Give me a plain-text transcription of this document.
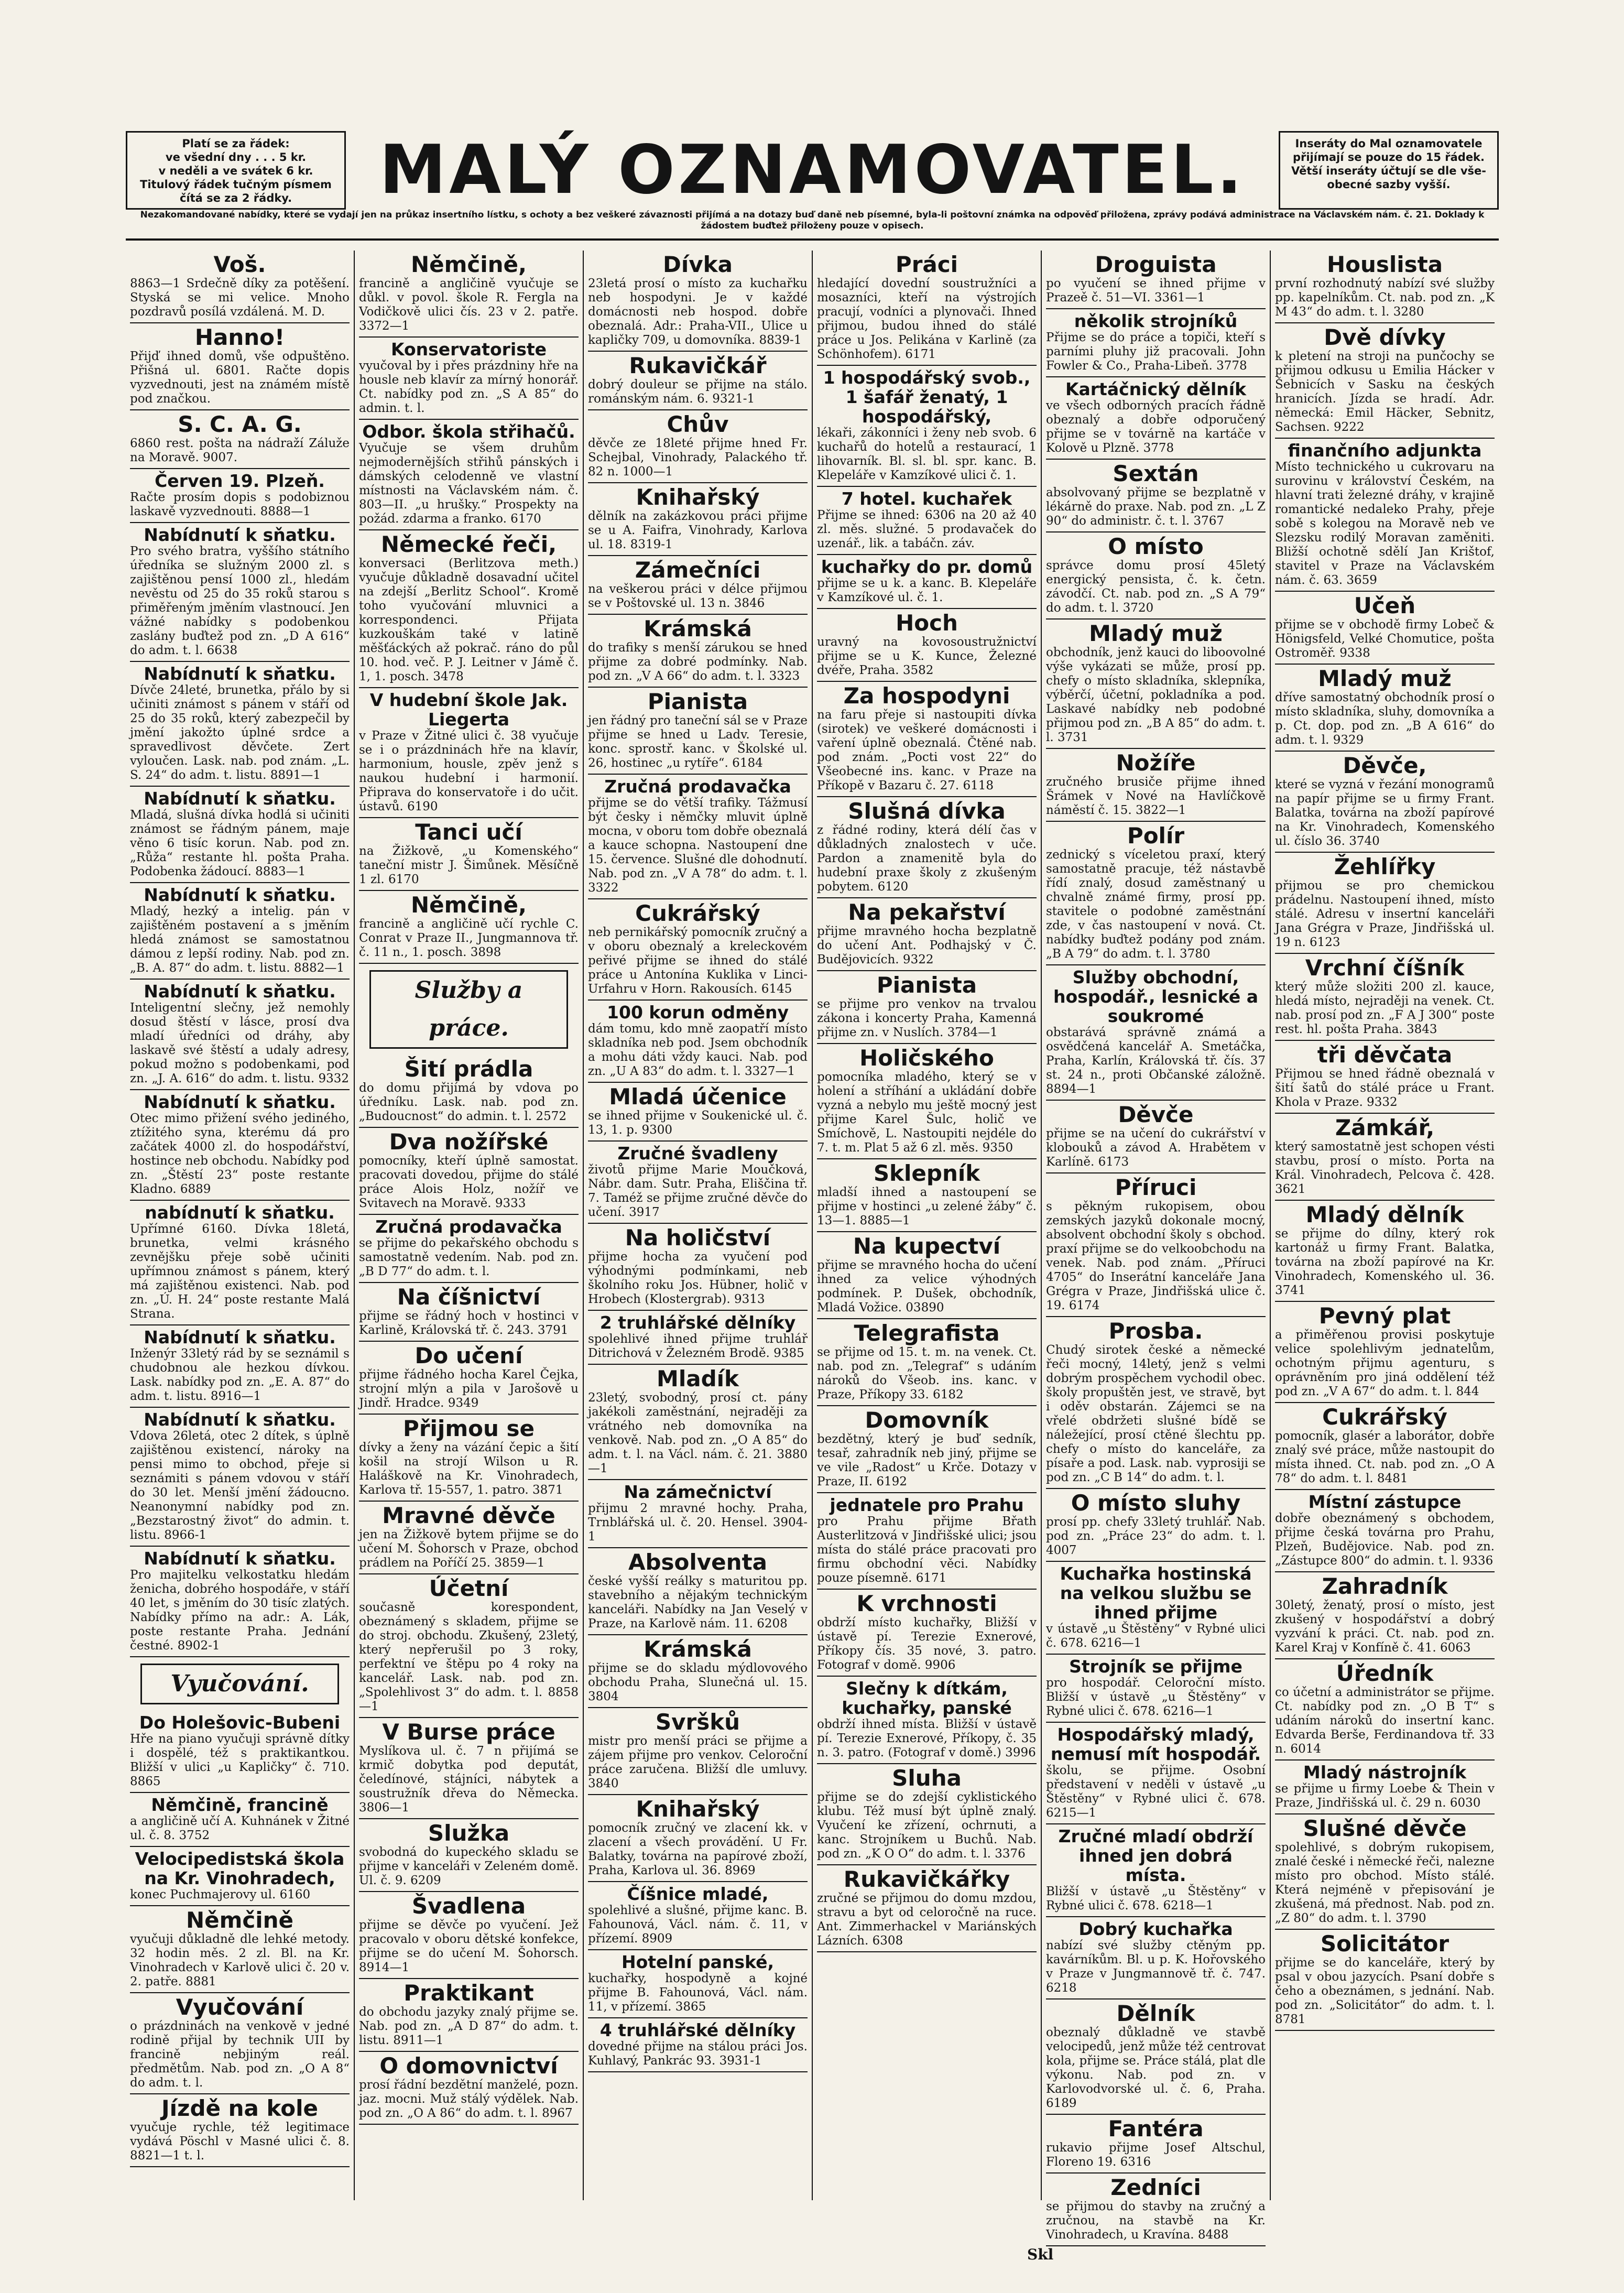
Platí se za řádek:
ve všední dny . . . 5 kr.
v neděli a ve svátek 6 kr.
Titulový řádek tučným písmem
čítá se za 2 řádky.	MALÝ OZNAMOVATEL.	Inseráty do Mal oznamovatele
přijímají se pouze do 15 řádek.
Větší inseráty účtují se dle vše-
obecné sazby vyšší.
Nezakomandované nabídky, které se vydají jen na průkaz insertního lístku, s ochoty a bez veškeré závaznosti přijímá a na dotazy buď daně neb písemné, byla-li poštovní známka na odpověď přiložena, zprávy podává administrace na Václavském nám. č. 21. Doklady k žádostem buďtež přiloženy pouze v opisech.
Voš.
8863—1 Srdečně díky za potěšení. Styská se mi velice. Mnoho pozdravů posílá vzdálená. M. D.
Hanno!
Přijď ihned domů, vše odpuštěno. Přišná ul. 6801. Račte dopis vyzvednouti, jest na známém místě pod značkou.
S. C. A. G.
6860 rest. pošta na nádraží Záluže na Moravě. 9007.
Červen 19. Plzeň.
Račte prosím dopis s podobiznou laskavě vyzvednouti. 8888—1
Nabídnutí k sňatku.
Pro svého bratra, vyššího státního úředníka se služným 2000 zl. s zajištěnou pensí 1000 zl., hledám nevěstu od 25 do 35 roků starou s přiměřeným jměním vlastnoucí. Jen vážné nabídky s podobenkou zaslány buďtež pod zn. „D A 616“ do adm. t. l. 6638
Nabídnutí k sňatku.
Dívče 24leté, brunetka, přálo by si učiniti známost s pánem v stáří od 25 do 35 roků, který zabezpečil by jmění jakožto úplné srdce a spravedlivost děvčete. Zert vyloučen. Lask. nab. pod znám. „L. S. 24“ do adm. t. listu. 8891—1
Nabídnutí k sňatku.
Mladá, slušná dívka hodlá si učiniti známost se řádným pánem, maje věno 6 tisíc korun. Nab. pod zn. „Růža“ restante hl. pošta Praha. Podobenka žádoucí. 8883—1
Nabídnutí k sňatku.
Mladý, hezký a intelig. pán v zajištěném postavení a s jměním hledá známost se samostatnou dámou z lepší rodiny. Nab. pod zn. „B. A. 87“ do adm. t. listu. 8882—1
Nabídnutí k sňatku.
Inteligentní slečny, jež nemohly dosud štěstí v lásce, prosí dva mladí úředníci od dráhy, aby laskavě své štěstí a udaly adresy, pokud možno s podobenkami, pod zn. „J. A. 616“ do adm. t. listu. 9332
Nabídnutí k sňatku.
Otec mimo přižení svého jediného, ztížitého syna, kterému dá pro začátek 4000 zl. do hospodářství, hostince neb obchodu. Nabídky pod zn. „Štěstí 23“ poste restante Kladno. 6889
nabídnutí k sňatku.
Upřímné 6160. Dívka 18letá, brunetka, velmi krásného zevnějšku přeje sobě učiniti upřímnou známost s pánem, který má zajištěnou existenci. Nab. pod zn. „Ú. H. 24“ poste restante Malá Strana.
Nabídnutí k sňatku.
Inženýr 33letý rád by se seznámil s chudobnou ale hezkou dívkou. Lask. nabídky pod zn. „E. A. 87“ do adm. t. listu. 8916—1
Nabídnutí k sňatku.
Vdova 26letá, otec 2 dítek, s úplně zajištěnou existencí, nároky na pensi mimo to obchod, přeje si seznámiti s pánem vdovou v stáří do 30 let. Menší jmění žádoucno. Neanonymní nabídky pod zn. „Bezstarostný život“ do admin. t. listu. 8966-1
Nabídnutí k sňatku.
Pro majitelku velkostatku hledám ženicha, dobrého hospodáře, v stáří 40 let, s jměním do 30 tisíc zlatých. Nabídky přímo na adr.: A. Lák, poste restante Praha. Jednání čestné. 8902-1
Vyučování.
Do Holešovic-Bubeni
Hře na piano vyučuji správně dítky i dospělé, též s praktikantkou. Bližší v ulici „u Kapličky“ č. 710. 8865
Němčině, francině
a angličině učí A. Kuhnánek v Žitné ul. č. 8. 3752
Velocipedistská škola na Kr. Vinohradech,
konec Puchmajerovy ul. 6160
Němčině
vyučuji důkladně dle lehké metody. 32 hodin měs. 2 zl. Bl. na Kr. Vinohradech v Karlově ulici č. 20 v. 2. patře. 8881
Vyučování
o prázdninách na venkově v jedné rodině přijal by technik UII by francině nebjiným reál. předmětům. Nab. pod zn. „O A 8“ do adm. t. l.
Jízdě na kole
vyučuje rychle, též legitimace vydává Pöschl v Masné ulici č. 8. 8821—1 t. l.
Němčině,
francině a angličině vyučuje se důkl. v povol. škole R. Fergla na Vodičkově ulici čís. 23 v 2. patře. 3372—1
Konservatoriste
vyučoval by i přes prázdniny hře na housle neb klavír za mírný honorář. Ct. nabídky pod zn. „S A 85“ do admin. t. l.
Odbor. škola střihačů.
Vyučuje se všem druhům nejmodernějších střihů pánských i dámských celodenně ve vlastní místnosti na Václavském nám. č. 803—II. „u hrušky.“ Prospekty na požád. zdarma a franko. 6170
Německé řeči,
konversaci (Berlitzova meth.) vyučuje důkladně dosavadní učitel na zdejší „Berlitz School“. Kromě toho vyučování mluvnici a korrespondenci. Přijata kuzkouškám také v latině měšťáckých až pokrač. ráno do půl 10. hod. več. P. J. Leitner v Jámě č. 1, 1. posch. 3478
V hudební škole Jak. Liegerta
v Praze v Žitné ulici č. 38 vyučuje se i o prázdninách hře na klavír, harmonium, housle, zpěv jenž s naukou hudební i harmonií. Připrava do konservatoře i do učit. ústavů. 6190
Tanci učí
na Žižkově, „u Komenského“ taneční mistr J. Šimůnek. Měsíčně 1 zl. 6170
Němčině,
francině a angličině učí rychle C. Conrat v Praze II., Jungmannova tř. č. 11 n., 1. posch. 3898
Služby a práce.
Šití prádla
do domu přijímá by vdova po úředníku. Lask. nab. pod zn. „Budoucnost“ do admin. t. l. 2572
Dva nožířské
pomocníky, kteří úplně samostat. pracovati dovedou, přijme do stálé práce Alois Holz, nožíř ve Svitavech na Moravě. 9333
Zručná prodavačka
se přijme do pekařského obchodu s samostatně vedením. Nab. pod zn. „B D 77“ do adm. t. l.
Na číšnictví
přijme se řádný hoch v hostinci v Karlině, Královská tř. č. 243. 3791
Do učení
přijme řádného hocha Karel Čejka, strojní mlýn a pila v Jarošově u Jindř. Hradce. 9349
Přijmou se
dívky a ženy na vázání čepic a šití košil na strojí Wilson u R. Haláškově na Kr. Vinohradech, Karlova tř. 15-557, 1. patro. 3871
Mravné děvče
jen na Žižkově bytem přijme se do učení M. Šohorsch v Praze, obchod prádlem na Poříčí 25. 3859—1
Účetní
současně korespondent, obeznámený s skladem, přijme se do stroj. obchodu. Zkušený, 23letý, který nepřerušil po 3 roky, perfektní ve štěpu po 4 roky na kancelář. Lask. nab. pod zn. „Spolehlivost 3“ do adm. t. l. 8858—1
V Burse práce
Myslíkova ul. č. 7 n přijímá se krmič dobytka pod deputát, čeledínové, stájníci, nábytek a soustružník dřeva do Německa. 3806—1
Služka
svobodná do kupeckého skladu se přijme v kanceláři v Zeleném domě. Ul. č. 9. 6209
Švadlena
přijme se děvče po vyučení. Jež pracovalo v oboru dětské konfekce, přijme se do učení M. Šohorsch. 8914—1
Praktikant
do obchodu jazyky znalý přijme se. Nab. pod zn. „A D 87“ do adm. t. listu. 8911—1
O domovnictví
prosí řádní bezdětní manželé, pozn. jaz. mocni. Muž stálý výdělek. Nab. pod zn. „O A 86“ do adm. t. l. 8967
Dívka
23letá prosí o místo za kuchařku neb hospodyni. Je v každé domácnosti neb hospod. dobře obeznalá. Adr.: Praha-VII., Ulice u kapličky 709, u domovníka. 8839-1
Rukavičkář
dobrý douleur se přijme na stálo. románským nám. 6. 9321-1
Chův
děvče ze 18leté přijme hned Fr. Schejbal, Vinohrady, Palackého tř. 82 n. 1000—1
Knihařský
dělník na zakázkovou práci přijme se u A. Faifra, Vinohrady, Karlova ul. 18. 8319-1
Zámečníci
na veškerou práci v délce přijmou se v Poštovské ul. 13 n. 3846
Krámská
do trafiky s menší zárukou se hned přijme za dobré podmínky. Nab. pod zn. „V A 66“ do adm. t. l. 3323
Pianista
jen řádný pro taneční sál se v Praze přijme se hned u Ladv. Teresie, konc. sprostř. kanc. v Školské ul. 26, hostinec „u rytíře“. 6184
Zručná prodavačka
přijme se do větší trafiky. Tážmusí být česky i němčky mluvit úplně mocna, v oboru tom dobře obeznalá a kauce schopna. Nastoupení dne 15. července. Slušné dle dohodnutí. Nab. pod zn. „V A 78“ do adm. t. l. 3322
Cukrářský
neb pernikářský pomocník zručný a v oboru obeznalý a kreleckovém peřivé přijme se ihned do stálé práce u Antonína Kuklika v Linci-Urfahru v Horn. Rakousích. 6145
100 korun odměny
dám tomu, kdo mně zaopatří místo skladníka neb pod. Jsem obchodník a mohu dáti vždy kauci. Nab. pod zn. „U A 83“ do adm. t. l. 3327—1
Mladá účenice
se ihned přijme v Soukenické ul. č. 13, 1. p. 9300
Zručné švadleny
životů přijme Marie Moučková, Nábr. dam. Sutr. Praha, Eliščina tř. 7. Taméž se přijme zručné děvče do učení. 3917
Na holičství
přijme hocha za vyučení pod výhodnými podmínkami, neb školního roku Jos. Hübner, holič v Hrobech (Klostergrab). 9313
2 truhlářské dělníky
spolehlivé ihned přijme truhlář Ditrichová v Železném Brodě. 9385
Mladík
23letý, svobodný, prosí ct. pány jakékoli zaměstnání, nejraději za vrátného neb domovníka na venkově. Nab. pod zn. „O A 85“ do adm. t. l. na Václ. nám. č. 21. 3880—1
Na zámečnictví
přijmu 2 mravné hochy. Praha, Trnblářská ul. č. 20. Hensel. 3904-1
Absolventa
české vyšší reálky s maturitou pp. stavebního a nějakým technickým kanceláři. Nabídky na Jan Veselý v Praze, na Karlově nám. 11. 6208
Krámská
přijme se do skladu mýdlovového obchodu Praha, Slunečná ul. 15. 3804
Svršků
mistr pro menší práci se přijme a zájem přijme pro venkov. Celoroční práce zaručena. Bližší dle umluvy. 3840
Knihařský
pomocník zručný ve zlacení kk. v zlacení a všech provádění. U Fr. Balatky, továrna na papírové zboží, Praha, Karlova ul. 36. 8969
Číšnice mladé,
spolehlivé a slušné, přijme kanc. B. Fahounová, Václ. nám. č. 11, v přízemí. 8909
Hotelní panské,
kuchařky, hospodyně a kojné přijme B. Fahounová, Václ. nám. 11, v přízemí. 3865
4 truhlářské dělníky
dovedné přijme na stálou práci Jos. Kuhlavý, Pankrác 93. 3931-1
Práci
hledající dovední soustružníci a mosazníci, kteří na výstrojích pracují, vodníci a plynovači. Ihned přijmou, budou ihned do stálé práce u Jos. Pelikána v Karlině (za Schönhofem). 6171
1 hospodářský svob., 1 šafář ženatý, 1 hospodářský,
lékaři, zákonníci i ženy neb svob. 6 kuchařů do hotelů a restaurací, 1 lihovarník. Bl. sl. bl. spr. kanc. B. Klepeláře v Kamzíkové ulici č. 1.
7 hotel. kuchařek
Přijme se ihned: 6306 na 20 až 40 zl. měs. služné. 5 prodavaček do uzenář., lik. a tabáčn. záv.
kuchařky do pr. domů
přijme se u k. a kanc. B. Klepeláře v Kamzíkové ul. č. 1.
Hoch
uravný na kovosoustružnictví přijme se u K. Kunce, Železné dvéře, Praha. 3582
Za hospodyni
na faru přeje si nastoupiti dívka (sirotek) ve veškeré domácnosti i vaření úplně obeznalá. Čtěné nab. pod znám. „Pocti vost 22“ do Všeobecné ins. kanc. v Praze na Příkopě v Bazaru č. 27. 6118
Slušná dívka
z řádné rodiny, která délí čas v důkladných znalostech v uče. Pardon a znamenitě byla do hudební praxe školy z zkušeným pobytem. 6120
Na pekařství
přijme mravného hocha bezplatně do učení Ant. Podhajský v Č. Budějovicích. 9322
Pianista
se přijme pro venkov na trvalou zákona i koncerty Praha, Kamenná přijme zn. v Nuslích. 3784—1
Holičského
pomocníka mladého, který se v holení a stříhání a ukládání dobře vyzná a nebylo mu ještě mocný jest přijme Karel Šulc, holič ve Smíchově, L. Nastoupiti nejdéle do 7. t. m. Plat 5 až 6 zl. měs. 9350
Sklepník
mladší ihned a nastoupení se přijme v hostinci „u zelené žáby“ č. 13—1. 8885—1
Na kupectví
přijme se mravného hocha do učení ihned za velice výhodných podmínek. P. Dušek, obchodník, Mladá Vožice. 03890
Telegrafista
se přijme od 15. t. m. na venek. Ct. nab. pod zn. „Telegraf“ s udáním nároků do Všeob. ins. kanc. v Praze, Příkopy 33. 6182
Domovník
bezdětný, který je buď sedník, tesař, zahradník neb jiný, přijme se ve vile „Radost“ u Krče. Dotazy v Praze, II. 6192
jednatele pro Prahu
pro Prahu přijme Břath Austerlitzová v Jindřišské ulici; jsou místa do stálé práce pracovati pro firmu obchodní věci. Nabídky pouze písemně. 6171
K vrchnosti
obdrží místo kuchařky, Bližší v ústavě pí. Terezie Exnerové, Příkopy čís. 35 nové, 3. patro. Fotograf v domě. 9906
Slečny k dítkám, kuchařky, panské
obdrží ihned místa. Bližší v ústavě pí. Terezie Exnerové, Příkopy, č. 35 n. 3. patro. (Fotograf v domě.) 3996
Sluha
přijme se do zdejší cyklistického klubu. Též musí být úplně znalý. Vyučení ke zřízení, ochrnuti, a kanc. Strojníkem u Buchů. Nab. pod zn. „K O O“ do adm. t. l. 3376
Rukavičkářky
zručné se přijmou do domu mzdou, stravu a byt od celoročně na ruce. Ant. Zimmerhackel v Mariánských Lázních. 6308
Droguista
po vyučení se ihned přijme v Prazeě č. 51—VI. 3361—1
několik strojníků
Přijme se do práce a topiči, kteří s parními pluhy již pracovali. John Fowler & Co., Praha-Libeň. 3778
Kartáčnický dělník
ve všech odborných pracích řádně obeznalý a dobře odporučený přijme se v továrně na kartáče v Kolově u Plzně. 3778
Sextán
absolvovaný přijme se bezplatně v lékárně do praxe. Nab. pod zn. „L Z 90“ do administr. č. t. l. 3767
O místo
správce domu prosí 45letý energický pensista, č. k. četn. závodčí. Ct. nab. pod zn. „S A 79“ do adm. t. l. 3720
Mladý muž
obchodník, jenž kauci do liboovolné výše vykázati se může, prosí pp. chefy o místo skladníka, sklepníka, výběrčí, účetní, pokladníka a pod. Laskavé nabídky neb podobné přijmou pod zn. „B A 85“ do adm. t. l. 3731
Nožíře
zručného brusiče přijme ihned Šrámek v Nové na Havlíčkově náměstí č. 15. 3822—1
Polír
zednický s víceletou praxí, který samostatně pracuje, též nástavbě řídí znalý, dosud zaměstnaný u chvalně známé firmy, prosí pp. stavitele o podobné zaměstnání zde, v čas nastoupení v nová. Ct. nabídky buďtež podány pod znám. „B A 79“ do adm. t. l. 3780
Služby obchodní, hospodář., lesnické a soukromé
obstarává správně známá a osvědčená kancelář A. Smetáčka, Praha, Karlín, Královská tř. čís. 37 st. 24 n., proti Občanské záložně. 8894—1
Děvče
přijme se na učení do cukrářství v klobouků a závod A. Hrabětem v Karlíně. 6173
Příruci
s pěkným rukopisem, obou zemských jazyků dokonale mocný, absolvent obchodní školy s obchod. praxí přijme se do velkoobchodu na venek. Nab. pod znám. „Příruci 4705“ do Inserátní kanceláře Jana Grégra v Praze, Jindřišská ulice č. 19. 6174
Prosba.
Chudý sirotek české a německé řeči mocný, 14letý, jenž s velmi dobrým prospěchem vychodil obec. školy propuštěn jest, ve stravě, byt i oděv obstarán. Zájemci se na vřelé obdržeti slušné bídě se náležející, prosí ctěné šlechtu pp. chefy o místo do kanceláře, za písaře a pod. Lask. nab. vyprosiji se pod zn. „C B 14“ do adm. t. l.
O místo sluhy
prosí pp. chefy 33letý truhlář. Nab. pod zn. „Práce 23“ do adm. t. l. 4007
Kuchařka hostinská na velkou službu se ihned přijme
v ústavě „u Štěstěny“ v Rybné ulici č. 678. 6216—1
Strojník se přijme
pro hospodář. Celoroční místo. Bližší v ústavě „u Štěstěny“ v Rybné ulici č. 678. 6216—1
Hospodářský mladý, nemusí mít hospodář.
školu, se přijme. Osobní představení v neděli v ústavě „u Štěstěny“ v Rybné ulici č. 678. 6215—1
Zručné mladí obdrží ihned jen dobrá místa.
Bližší v ústavě „u Štěstěny“ v Rybné ulici č. 678. 6218—1
Dobrý kuchařka
nabízí své služby ctěným pp. kavárníkům. Bl. u p. K. Hořovského v Praze v Jungmannově tř. č. 747. 6218
Dělník
obeznalý důkladně ve stavbě velocipedů, jenž může též centrovat kola, přijme se. Práce stálá, plat dle výkonu. Nab. pod zn. v Karlovodvorské ul. č. 6, Praha. 6189
Fantéra
rukavio přijme Josef Altschul, Floreno 19. 6316
Zedníci
se přijmou do stavby na zručný a zručnou, na stavbě na Kr. Vinohradech, u Kravína. 8488
Houslista
první rozhodnutý nabízí své služby pp. kapelníkům. Ct. nab. pod zn. „K M 43“ do adm. t. l. 3280
Dvě dívky
k pletení na stroji na punčochy se přijmou odkusu u Emilia Hácker v Šebnicích v Sasku na českých hranicích. Jízda se hradí. Adr. německá: Emil Häcker, Sebnitz, Sachsen. 9222
finančního adjunkta
Místo technického u cukrovaru na surovinu v království Českém, na hlavní trati železné dráhy, v krajině romantické nedaleko Prahy, přeje sobě s kolegou na Moravě neb ve Slezsku rodilý Moravan zaměniti. Bližší ochotně sdělí Jan Krištof, stavitel v Praze na Václavském nám. č. 63. 3659
Učeň
přijme se v obchodě firmy Lobeč & Hönigsfeld, Velké Chomutice, pošta Ostroměř. 9338
Mladý muž
dříve samostatný obchodník prosí o místo skladníka, sluhy, domovníka a p. Ct. dop. pod zn. „B A 616“ do adm. t. l. 9329
Děvče,
které se vyzná v řezání monogramů na papír přijme se u firmy Frant. Balatka, továrna na zboží papírové na Kr. Vinohradech, Komenského ul. číslo 36. 3740
Žehlířky
přijmou se pro chemickou prádelnu. Nastoupení ihned, místo stálé. Adresu v insertní kanceláři Jana Grégra v Praze, Jindřišská ul. 19 n. 6123
Vrchní číšník
který může složiti 200 zl. kauce, hledá místo, nejraději na venek. Ct. nab. prosí pod zn. „F A J 300“ poste rest. hl. pošta Praha. 3843
tři děvčata
Přijmou se hned řádně obeznalá v šití šatů do stálé práce u Frant. Khola v Praze. 9332
Zámkář,
který samostatně jest schopen vésti stavbu, prosí o místo. Porta na Král. Vinohradech, Pelcova č. 428. 3621
Mladý dělník
se přijme do dílny, který rok kartonáž u firmy Frant. Balatka, továrna na zboží papírové na Kr. Vinohradech, Komenského ul. 36. 3741
Pevný plat
a přiměřenou provisi poskytuje velice spolehlivým jednatelům, ochotným přijmu agenturu, s oprávněním pro jiná oddělení též pod zn. „V A 67“ do adm. t. l. 844
Cukrářský
pomocník, glasér a laborátor, dobře znalý své práce, může nastoupit do místa ihned. Ct. nab. pod zn. „O A 78“ do adm. t. l. 8481
Místní zástupce
dobře obeznámený s obchodem, přijme česká továrna pro Prahu, Plzeň, Budějovice. Nab. pod zn. „Zástupce 800“ do admin. t. l. 9336
Zahradník
30letý, ženatý, prosí o místo, jest zkušený v hospodářství a dobrý vyzvání k práci. Ct. nab. pod zn. Karel Kraj v Konfíně č. 41. 6063
Úředník
co účetní a administrátor se přijme. Ct. nabídky pod zn. „O B T“ s udáním nároků do insertní kanc. Edvarda Berše, Ferdinandova tř. 33 n. 6014
Mladý nástrojník
se přijme u firmy Loebe & Thein v Praze, Jindřišská ul. č. 29 n. 6030
Slušné děvče
spolehlivé, s dobrým rukopisem, znalé české i německé řeči, nalezne místo pro obchod. Místo stálé. Která nejméně v přepisování je zkušená, má přednost. Nab. pod zn. „Z 80“ do adm. t. l. 3790
Solicitátor
přijme se do kanceláře, který by psal v obou jazycích. Psaní dobře s čeho a obeznámen, s jednání. Nab. pod zn. „Solicitátor“ do adm. t. l. 8781
Skl
